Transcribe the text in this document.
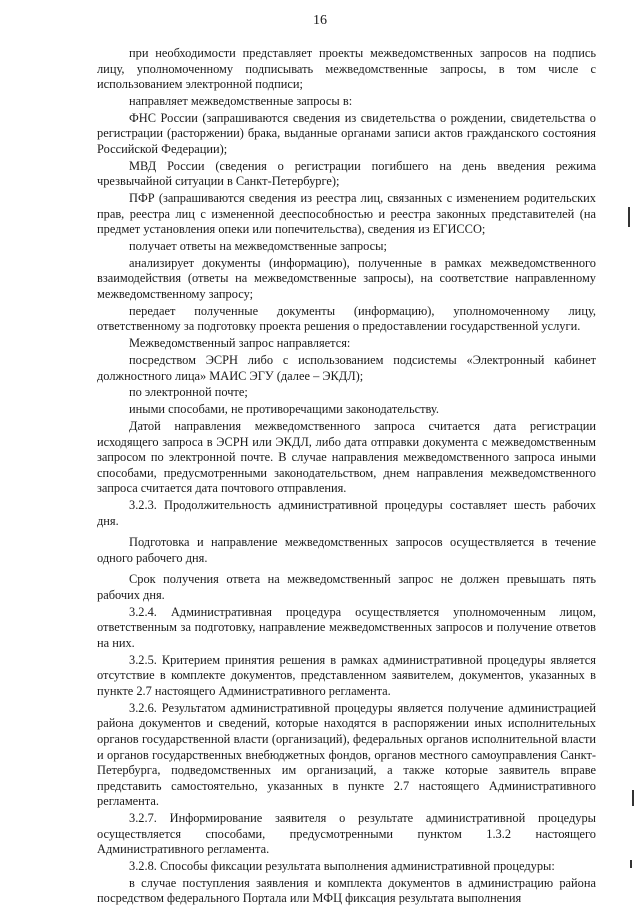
16

при необходимости представляет проекты межведомственных запросов на подпись лицу, уполномоченному подписывать межведомственные запросы, в том числе с использованием электронной подписи;

направляет межведомственные запросы в:

ФНС России (запрашиваются сведения из свидетельства о рождении, свидетельства о регистрации (расторжении) брака, выданные органами записи актов гражданского состояния Российской Федерации);

МВД России (сведения о регистрации погибшего на день введения режима чрезвычайной ситуации в Санкт-Петербурге);

ПФР (запрашиваются сведения из реестра лиц, связанных с изменением родительских прав, реестра лиц с измененной дееспособностью и реестра законных представителей (на предмет установления опеки или попечительства), сведения из ЕГИССО;

получает ответы на межведомственные запросы;

анализирует документы (информацию), полученные в рамках межведомственного взаимодействия (ответы на межведомственные запросы), на соответствие направленному межведомственному запросу;

передает полученные документы (информацию), уполномоченному лицу, ответственному за подготовку проекта решения о предоставлении государственной услуги.

Межведомственный запрос направляется:

посредством ЭСРН либо с использованием подсистемы «Электронный кабинет должностного лица» МАИС ЭГУ (далее – ЭКДЛ);

по электронной почте;

иными способами, не противоречащими законодательству.

Датой направления межведомственного запроса считается дата регистрации исходящего запроса в ЭСРН или ЭКДЛ, либо дата отправки документа с межведомственным запросом по электронной почте. В случае направления межведомственного запроса иными способами, предусмотренными законодательством, днем направления межведомственного запроса считается дата почтового отправления.

3.2.3. Продолжительность административной процедуры составляет шесть рабочих дня.

Подготовка и направление межведомственных запросов осуществляется в течение одного рабочего дня.

Срок получения ответа на межведомственный запрос не должен превышать пять рабочих дня.

3.2.4. Административная процедура осуществляется уполномоченным лицом, ответственным за подготовку, направление межведомственных запросов и получение ответов на них.

3.2.5. Критерием принятия решения в рамках административной процедуры является отсутствие в комплекте документов, представленном заявителем, документов, указанных в пункте 2.7 настоящего Административного регламента.

3.2.6. Результатом административной процедуры является получение администрацией района документов и сведений, которые находятся в распоряжении иных исполнительных органов государственной власти (организаций), федеральных органов исполнительной власти и органов государственных внебюджетных фондов, органов местного самоуправления Санкт-Петербурга, подведомственных им организаций, а также которые заявитель вправе представить самостоятельно, указанных в пункте 2.7 настоящего Административного регламента.

3.2.7. Информирование заявителя о результате административной процедуры осуществляется способами, предусмотренными пунктом 1.3.2 настоящего Административного регламента.

3.2.8. Способы фиксации результата выполнения административной процедуры:

в случае поступления заявления и комплекта документов в администрацию района посредством федерального Портала или МФЦ фиксация результата выполнения
